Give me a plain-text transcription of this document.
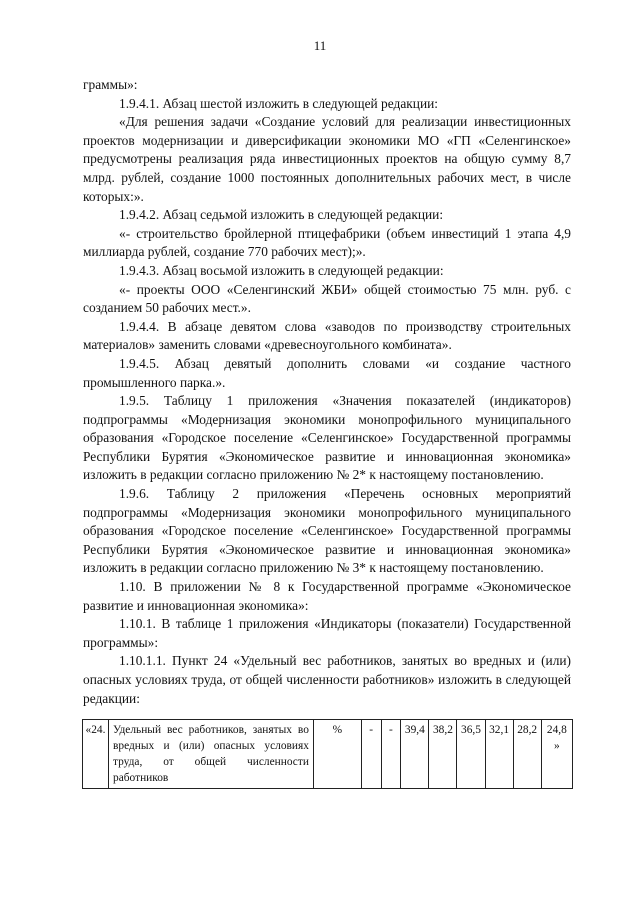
11

граммы»:

1.9.4.1. Абзац шестой изложить в следующей редакции:

«Для решения задачи «Создание условий для реализации инвестиционных проектов модернизации и диверсификации экономики МО «ГП «Селенгинское» предусмотрены реализация ряда инвестиционных проектов на общую сумму 8,7 млрд. рублей, создание 1000 постоянных дополнительных рабочих мест, в числе которых:».

1.9.4.2. Абзац седьмой изложить в следующей редакции:

«- строительство бройлерной птицефабрики (объем инвестиций 1 этапа 4,9 миллиарда рублей, создание 770 рабочих мест);».

1.9.4.3. Абзац восьмой изложить в следующей редакции:

«- проекты ООО «Селенгинский ЖБИ» общей стоимостью 75 млн. руб. с созданием 50 рабочих мест.».

1.9.4.4. В абзаце девятом слова «заводов по производству строительных материалов» заменить словами «древесноугольного комбината».

1.9.4.5. Абзац девятый дополнить словами «и создание частного промышленного парка.».

1.9.5. Таблицу 1 приложения «Значения показателей (индикаторов) подпрограммы «Модернизация экономики монопрофильного муниципального образования «Городское поселение «Селенгинское» Государственной программы Республики Бурятия «Экономическое развитие и инновационная экономика» изложить в редакции согласно приложению № 2* к настоящему постановлению.

1.9.6. Таблицу 2 приложения «Перечень основных мероприятий подпрограммы «Модернизация экономики монопрофильного муниципального образования «Городское поселение «Селенгинское» Государственной программы Республики Бурятия «Экономическое развитие и инновационная экономика» изложить в редакции согласно приложению № 3* к настоящему постановлению.

1.10. В приложении № 8 к Государственной программе «Экономическое развитие и инновационная экономика»:

1.10.1. В таблице 1 приложения «Индикаторы (показатели) Государственной программы»:

1.10.1.1. Пункт 24 «Удельный вес работников, занятых во вредных и (или) опасных условиях труда, от общей численности работников» изложить в следующей редакции:

«24.	Удельный вес работников, занятых во вредных и (или) опасных условиях труда, от общей численности работников	%	-	-	39,4	38,2	36,5	32,1	28,2	24,8 »
